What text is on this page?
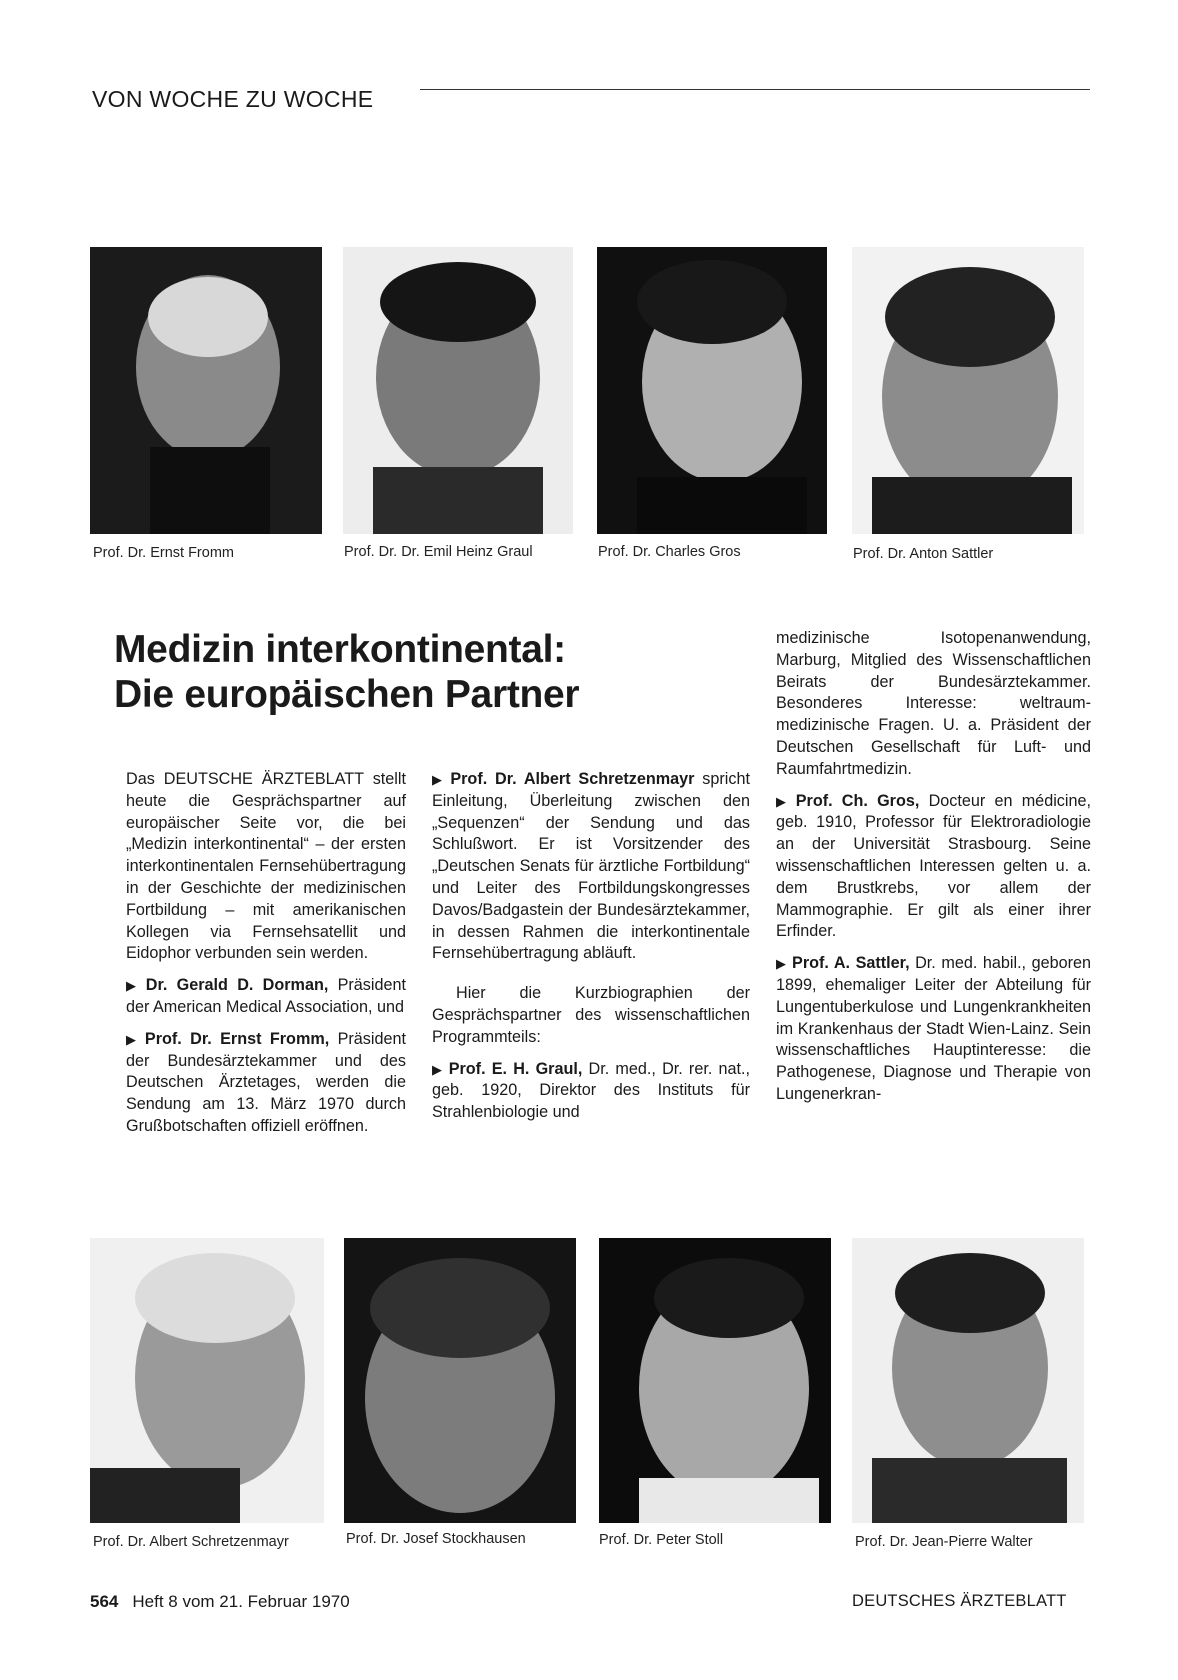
VON WOCHE ZU WOCHE
Prof. Dr. Ernst Fromm	Prof. Dr. Dr. Emil Heinz Graul	Prof. Dr. Charles Gros	Prof. Dr. Anton Sattler
Medizin interkontinental:
Die europäischen Partner

Das DEUTSCHE ÄRZTEBLATT stellt heute die Gesprächspartner auf europäischer Seite vor, die bei „Medizin interkontinental“ – der ersten interkontinentalen Fernsehübertragung in der Geschichte der medizinischen Fortbildung – mit amerikanischen Kollegen via Fernsehsatellit und Eidophor verbunden sein werden.

▶ Dr. Gerald D. Dorman, Präsident der American Medical Association, und

▶ Prof. Dr. Ernst Fromm, Präsident der Bundesärztekammer und des Deutschen Ärztetages, werden die Sendung am 13. März 1970 durch Grußbotschaften offiziell eröffnen.

▶ Prof. Dr. Albert Schretzenmayr spricht Einleitung, Überleitung zwischen den „Sequenzen“ der Sendung und das Schlußwort. Er ist Vorsitzender des „Deutschen Senats für ärztliche Fortbildung“ und Leiter des Fortbildungskongresses Davos/Badgastein der Bundesärztekammer, in dessen Rahmen die interkontinentale Fernsehübertragung abläuft.

Hier die Kurzbiographien der Gesprächspartner des wissenschaftlichen Programmteils:

▶ Prof. E. H. Graul, Dr. med., Dr. rer. nat., geb. 1920, Direktor des Instituts für Strahlenbiologie und

medizinische Isotopenanwendung, Marburg, Mitglied des Wissenschaftlichen Beirats der Bundesärztekammer. Besonderes Interesse: weltraum-medizinische Fragen. U. a. Präsident der Deutschen Gesellschaft für Luft- und Raumfahrtmedizin.

▶ Prof. Ch. Gros, Docteur en médicine, geb. 1910, Professor für Elektroradiologie an der Universität Strasbourg. Seine wissenschaftlichen Interessen gelten u. a. dem Brustkrebs, vor allem der Mammographie. Er gilt als einer ihrer Erfinder.

▶ Prof. A. Sattler, Dr. med. habil., geboren 1899, ehemaliger Leiter der Abteilung für Lungentuberkulose und Lungenkrankheiten im Krankenhaus der Stadt Wien-Lainz. Sein wissenschaftliches Hauptinteresse: die Pathogenese, Diagnose und Therapie von Lungenerkran-

Prof. Dr. Albert Schretzenmayr	Prof. Dr. Josef Stockhausen	Prof. Dr. Peter Stoll	Prof. Dr. Jean-Pierre Walter
564 Heft 8 vom 21. Februar 1970	DEUTSCHES ÄRZTEBLATT
